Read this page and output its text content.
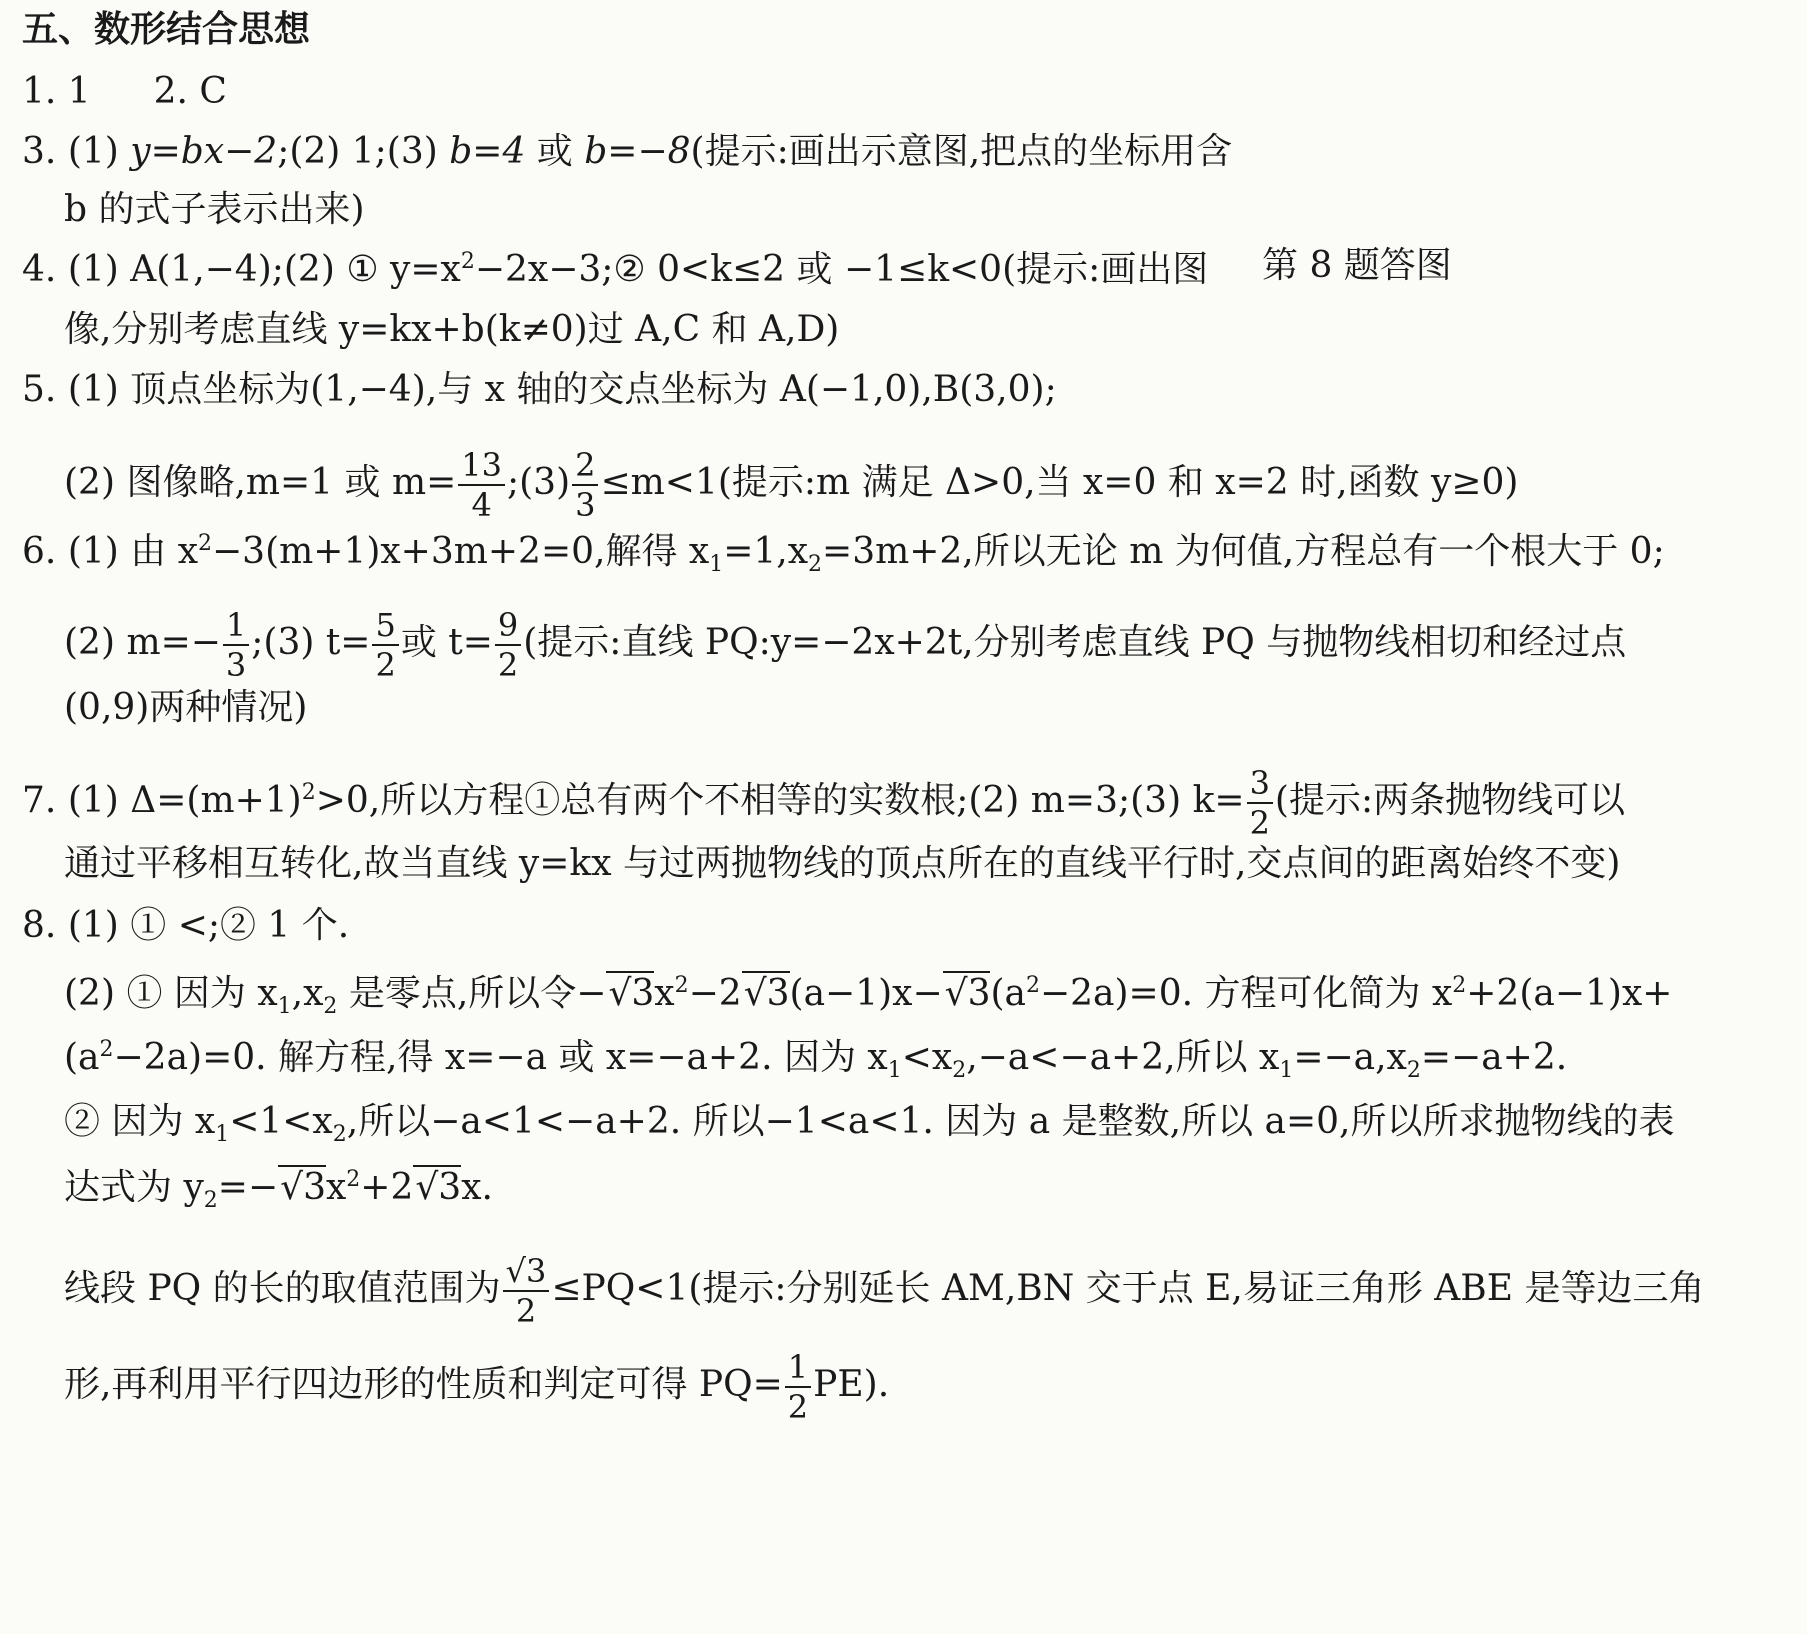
五、数形结合思想
1. 1 2. C
3. (1) y=bx−2;(2) 1;(3) b=4 或 b=−8(提示:画出示意图,把点的坐标用含
b 的式子表示出来)
4. (1) A(1,−4);(2) ① $y=x^2-2x-3;②$ 0<k≤2 或 −1≤k<0(提示:画出图 第 8 题答图
像,分别考虑直线 y=kx+b(k≠0)过 A,C 和 A,D)
5. (1) 顶点坐标为(1,−4),与 x 轴的交点坐标为 A(−1,0),B(3,0);
(2) 图像略,m=1 或 $m= \frac{13}{4}$ ;(3) $\frac{2}{3} \le m<1$(提示:m 满足 Δ>0,当 x=0 和 x=2 时,函数 y≥0)
6. (1) 由 $x^2-3(m+1)x+3m+2=0$,解得 $x_1=1,x_2=3m+2$,所以无论 m 为何值,方程总有一个根大于 0;
(2) $m=- \frac{1}{3}$ ;(3) $t= \frac{5}{2}$ 或 $t= \frac{9}{2}$ (提示:直线 PQ:y=−2x+2t,分别考虑直线 PQ 与抛物线相切和经过点
(0,9)两种情况)
7. (1) $\Delta=(m+1)^2>0$,所以方程①总有两个不相等的实数根;(2) m=3;(3) $k= \frac{3}{2}$ (提示:两条抛物线可以
通过平移相互转化,故当直线 y=kx 与过两抛物线的顶点所在的直线平行时,交点间的距离始终不变)
8. (1) ① <;② 1 个.
(2) ① 因为 $x_1,x_2$ 是零点,所以令$-√3x^2-2√3(a-1)x-√3(a^2-2a)=0$. 方程可化简为 $x^2+2(a-1)x+$
$(a^2-2a)=0$. 解方程,得 x=−a 或 x=−a+2. 因为 $x_1<x_2,-a<-a+2$,所以 $x_1=-a,x_2=-a+2$.
② 因为 $x_1<1<x_2$,所以−a<1<−a+2. 所以−1<a<1. 因为 a 是整数,所以 a=0,所以所求抛物线的表
达式为 $y_2=-√3x^2+2√3x$.
线段 PQ 的长的取值范围为 $\frac{√3}{2} \le PQ<1$(提示:分别延长 AM,BN 交于点 E,易证三角形 ABE 是等边三角
形,再利用平行四边形的性质和判定可得 $PQ= \frac{1}{2} PE$).
